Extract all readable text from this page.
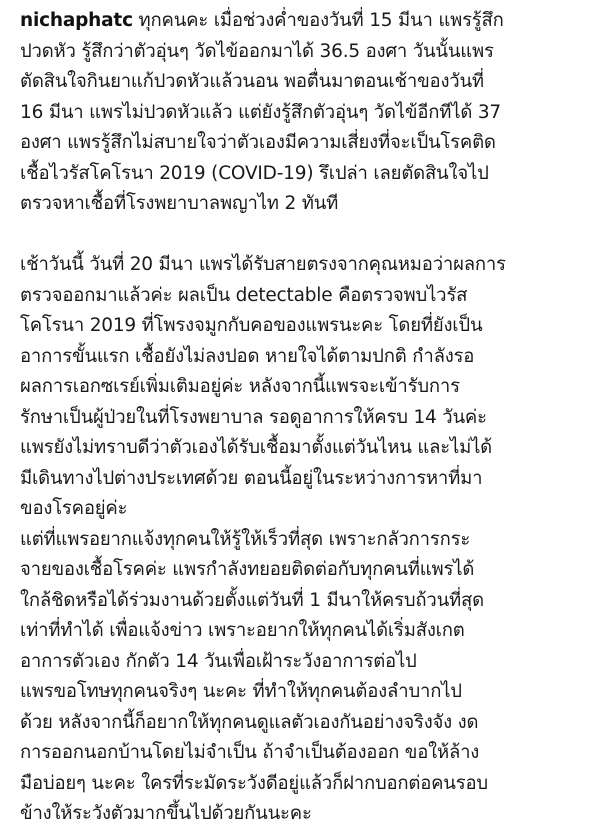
nichaphatc ทุกคนคะ เมื่อช่วงค่ำของวันที่ 15 มีนา แพรรู้สึก
ปวดหัว รู้สึกว่าตัวอุ่นๆ วัดไข้ออกมาได้ 36.5 องศา วันนั้นแพร
ตัดสินใจกินยาแก้ปวดหัวแล้วนอน พอตื่นมาตอนเช้าของวันที่
16 มีนา แพรไม่ปวดหัวแล้ว แต่ยังรู้สึกตัวอุ่นๆ วัดไข้อีกทีได้ 37
องศา แพรรู้สึกไม่สบายใจว่าตัวเองมีความเสี่ยงที่จะเป็นโรคติด
เชื้อไวรัสโคโรนา 2019 (COVID-19) รึเปล่า เลยตัดสินใจไป
ตรวจหาเชื้อที่โรงพยาบาลพญาไท 2 ทันที
เช้าวันนี้ วันที่ 20 มีนา แพรได้รับสายตรงจากคุณหมอว่าผลการ
ตรวจออกมาแล้วค่ะ ผลเป็น detectable คือตรวจพบไวรัส
โคโรนา 2019 ที่โพรงจมูกกับคอของแพรนะคะ โดยที่ยังเป็น
อาการขั้นแรก เชื้อยังไม่ลงปอด หายใจได้ตามปกติ กำลังรอ
ผลการเอกซเรย์เพิ่มเติมอยู่ค่ะ หลังจากนี้แพรจะเข้ารับการ
รักษาเป็นผู้ป่วยในที่โรงพยาบาล รอดูอาการให้ครบ 14 วันค่ะ
แพรยังไม่ทราบดีว่าตัวเองได้รับเชื้อมาตั้งแต่วันไหน และไม่ได้
มีเดินทางไปต่างประเทศด้วย ตอนนี้อยู่ในระหว่างการหาที่มา
ของโรคอยู่ค่ะ
แต่ที่แพรอยากแจ้งทุกคนให้รู้ให้เร็วที่สุด เพราะกลัวการกระ
จายของเชื้อโรคค่ะ แพรกำลังทยอยติดต่อกับทุกคนที่แพรได้
ใกล้ชิดหรือได้ร่วมงานด้วยตั้งแต่วันที่ 1 มีนาให้ครบถ้วนที่สุด
เท่าที่ทำได้ เพื่อแจ้งข่าว เพราะอยากให้ทุกคนได้เริ่มสังเกต
อาการตัวเอง กักตัว 14 วันเพื่อเฝ้าระวังอาการต่อไป
แพรขอโทษทุกคนจริงๆ นะคะ ที่ทำให้ทุกคนต้องลำบากไป
ด้วย หลังจากนี้ก็อยากให้ทุกคนดูแลตัวเองกันอย่างจริงจัง งด
การออกนอกบ้านโดยไม่จำเป็น ถ้าจำเป็นต้องออก ขอให้ล้าง
มือบ่อยๆ นะคะ ใครที่ระมัดระวังดีอยู่แล้วก็ฝากบอกต่อคนรอบ
ข้างให้ระวังตัวมากขึ้นไปด้วยกันนะคะ
